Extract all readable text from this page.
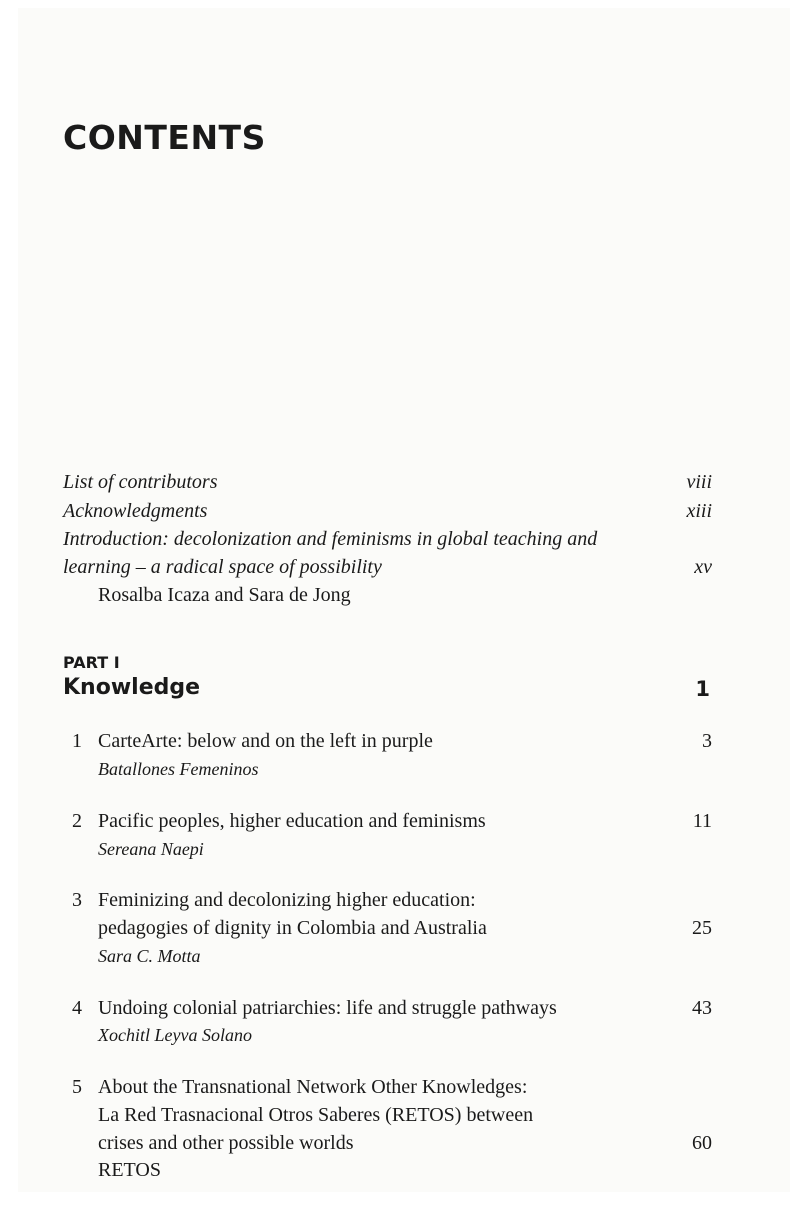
CONTENTS
List of contributors	viii
Acknowledgments	xiii
Introduction: decolonization and feminisms in global teaching and
learning – a radical space of possibility	xv
Rosalba Icaza and Sara de Jong
PART I
Knowledge	1
1 CarteArte: below and on the left in purple	3
Batallones Femeninos
2 Pacific peoples, higher education and feminisms	11
Sereana Naepi
3 Feminizing and decolonizing higher education:
pedagogies of dignity in Colombia and Australia	25
Sara C. Motta
4 Undoing colonial patriarchies: life and struggle pathways	43
Xochitl Leyva Solano
5 About the Transnational Network Other Knowledges:
La Red Trasnacional Otros Saberes (RETOS) between
crises and other possible worlds	60
RETOS
